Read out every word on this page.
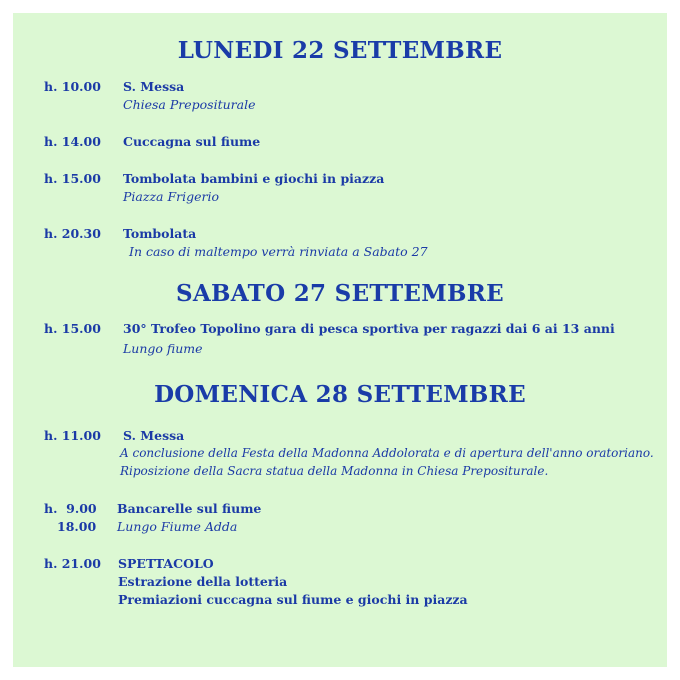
LUNEDI 22 SETTEMBRE
h. 10.00 S. Messa
Chiesa Prepositurale
h. 14.00 Cuccagna sul fiume
h. 15.00 Tombolata bambini e giochi in piazza
Piazza Frigerio
h. 20.30 Tombolata
In caso di maltempo verrà rinviata a Sabato 27
SABATO 27 SETTEMBRE
h. 15.00 30° Trofeo Topolino gara di pesca sportiva per ragazzi dai 6 ai 13 anni
Lungo fiume
DOMENICA 28 SETTEMBRE
h. 11.00 S. Messa
A conclusione della Festa della Madonna Addolorata e di apertura dell'anno oratoriano.
Riposizione della Sacra statua della Madonna in Chiesa Prepositurale.
h.  9.00
18.00
Bancarelle sul fiume
Lungo Fiume Adda
h. 21.00 SPETTACOLO
Estrazione della lotteria
Premiazioni cuccagna sul fiume e giochi in piazza
